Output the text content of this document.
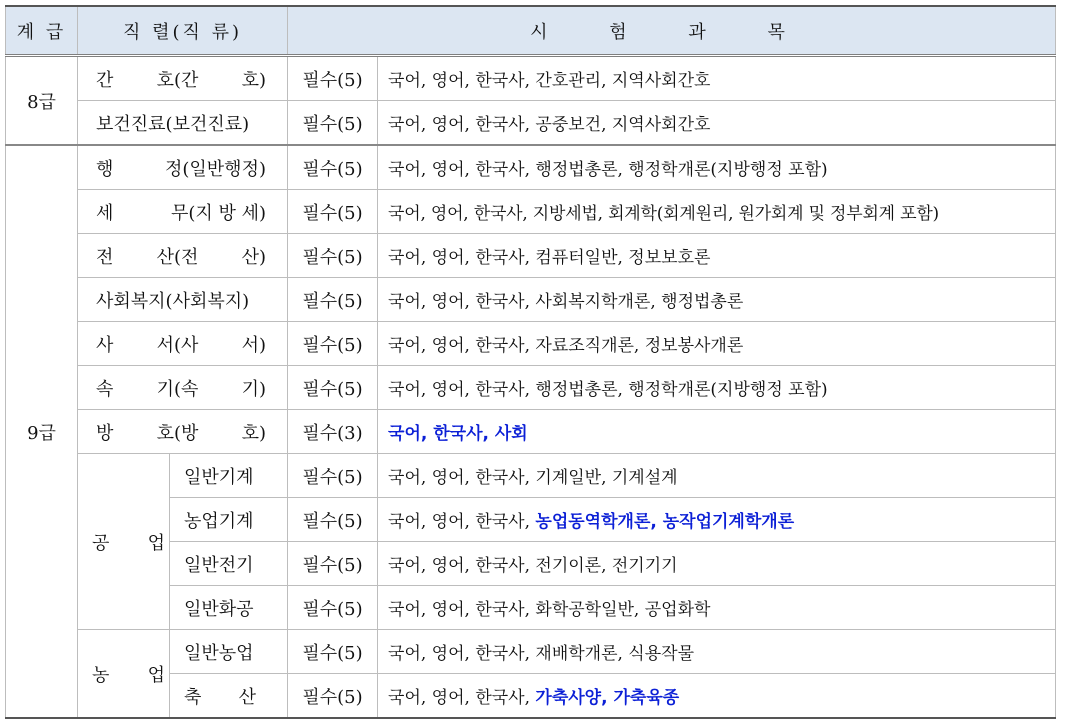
계 급	직 렬(직 류)		시 험 과 목	
8급	간 호(간 호)		필수(5)	국어, 영어, 한국사, 간호관리, 지역사회간호
	보건진료(보건진료)		필수(5)	국어, 영어, 한국사, 공중보건, 지역사회간호
9급	행 정(일반행정)		필수(5)	국어, 영어, 한국사, 행정법총론, 행정학개론(지방행정 포함)

	세 무(지 방 세)		필수(5)	국어, 영어, 한국사, 지방세법, 회계학(회계원리, 원가회계 및 정부회계 포함)

	전 산(전 산)		필수(5)	국어, 영어, 한국사, 컴퓨터일반, 정보보호론
	사회복지(사회복지)		필수(5)	국어, 영어, 한국사, 사회복지학개론, 행정법총론

	사 서(사 서)		필수(5)	국어, 영어, 한국사, 자료조직개론, 정보봉사개론

	속 기(속 기)		필수(5)	국어, 영어, 한국사, 행정법총론, 행정학개론(지방행정 포함)

	방 호(방 호)		필수(3)	국어, 한국사, 사회

	공 업	일반기계	필수(5)	국어, 영어, 한국사, 기계일반, 기계설계
		농업기계	필수(5)	국어, 영어, 한국사, 농업동역학개론, 농작업기계학개론
		일반전기	필수(5)	국어, 영어, 한국사, 전기이론, 전기기기
		일반화공	필수(5)	국어, 영어, 한국사, 화학공학일반, 공업화학

	농 업	일반농업	필수(5)	국어, 영어, 한국사, 재배학개론, 식용작물

		축 산	필수(5)	국어, 영어, 한국사, 가축사양, 가축육종
